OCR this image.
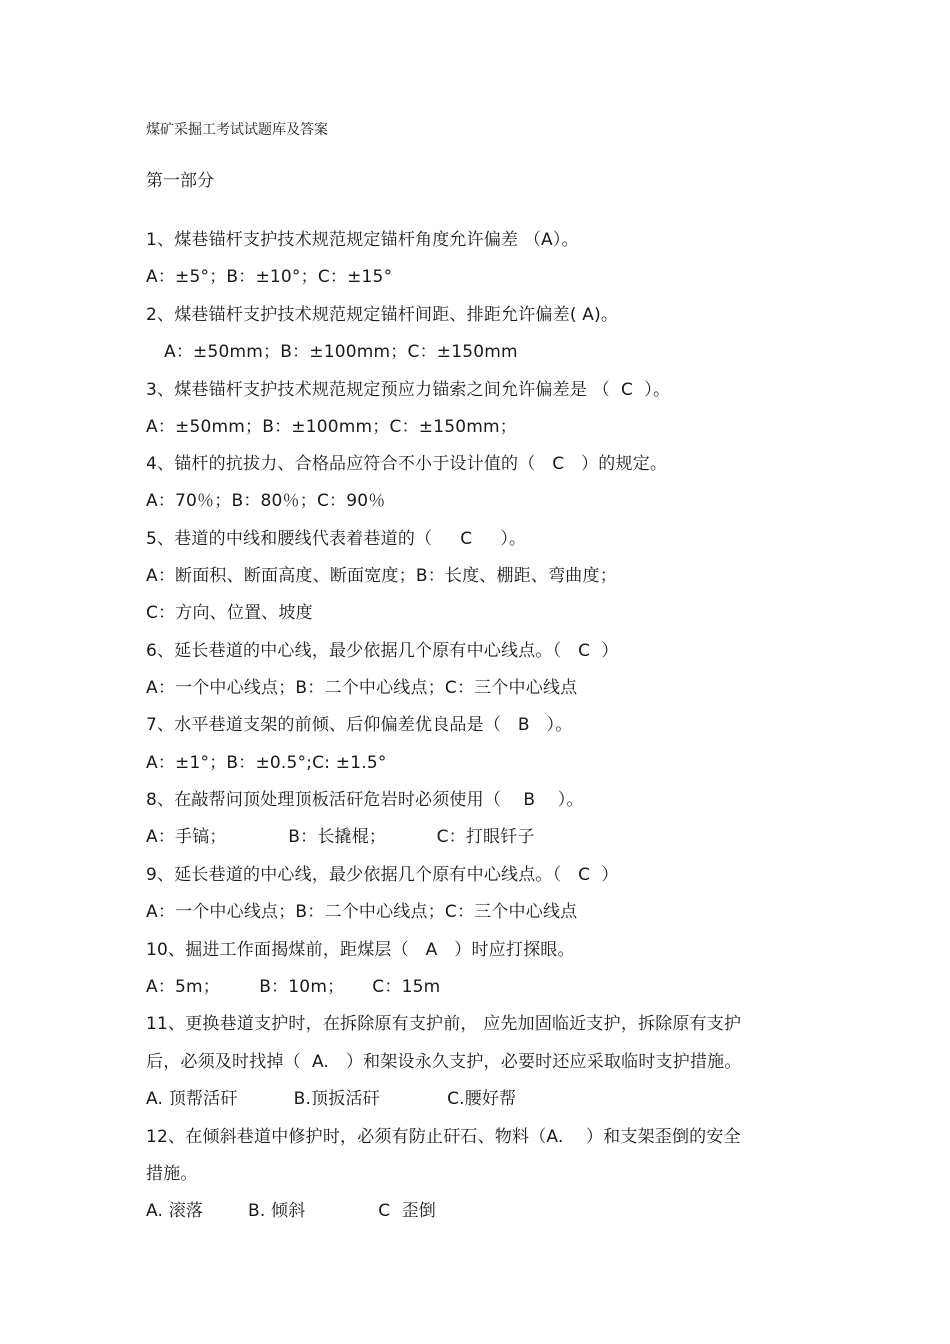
煤矿采掘工考试试题库及答案
第一部分
1、煤巷锚杆支护技术规范规定锚杆角度允许偏差 （A）。
A：±5°；B：±10°；C：±15°
2、煤巷锚杆支护技术规范规定锚杆间距、排距允许偏差( A)。
A：±50mm；B：±100mm；C：±150mm
3、煤巷锚杆支护技术规范规定预应力锚索之间允许偏差是 （  C  ）。
A：±50mm；B：±100mm；C：±150mm；
4、锚杆的抗拔力、合格品应符合不小于设计值的（   C   ）的规定。
A：70％；B：80％；C：90％
5、巷道的中线和腰线代表着巷道的（     C     ）。
A：断面积、断面高度、断面宽度；B：长度、棚距、弯曲度；
C：方向、位置、坡度
6、延长巷道的中心线，最少依据几个原有中心线点。（   C  ）
A：一个中心线点；B：二个中心线点；C：三个中心线点
7、水平巷道支架的前倾、后仰偏差优良品是（   B   ）。
A：±1°；B：±0.5°;C: ±1.5°
8、在敲帮问顶处理顶板活矸危岩时必须使用（    B    ）。
A：手镐；           B：长撬棍；         C：打眼钎子
9、延长巷道的中心线，最少依据几个原有中心线点。（   C  ）
A：一个中心线点；B：二个中心线点；C：三个中心线点
10、掘进工作面揭煤前，距煤层（   A   ）时应打探眼。
A：5m；       B：10m；     C：15m
11、更换巷道支护时，在拆除原有支护前， 应先加固临近支护，拆除原有支护
后，必须及时找掉（  A.   ）和架设永久支护，必要时还应采取临时支护措施。
A. 顶帮活矸          B.顶扳活矸            C.腰好帮
12、在倾斜巷道中修护时，必须有防止矸石、物料（A.    ）和支架歪倒的安全
措施。
A. 滚落        B. 倾斜             C  歪倒
